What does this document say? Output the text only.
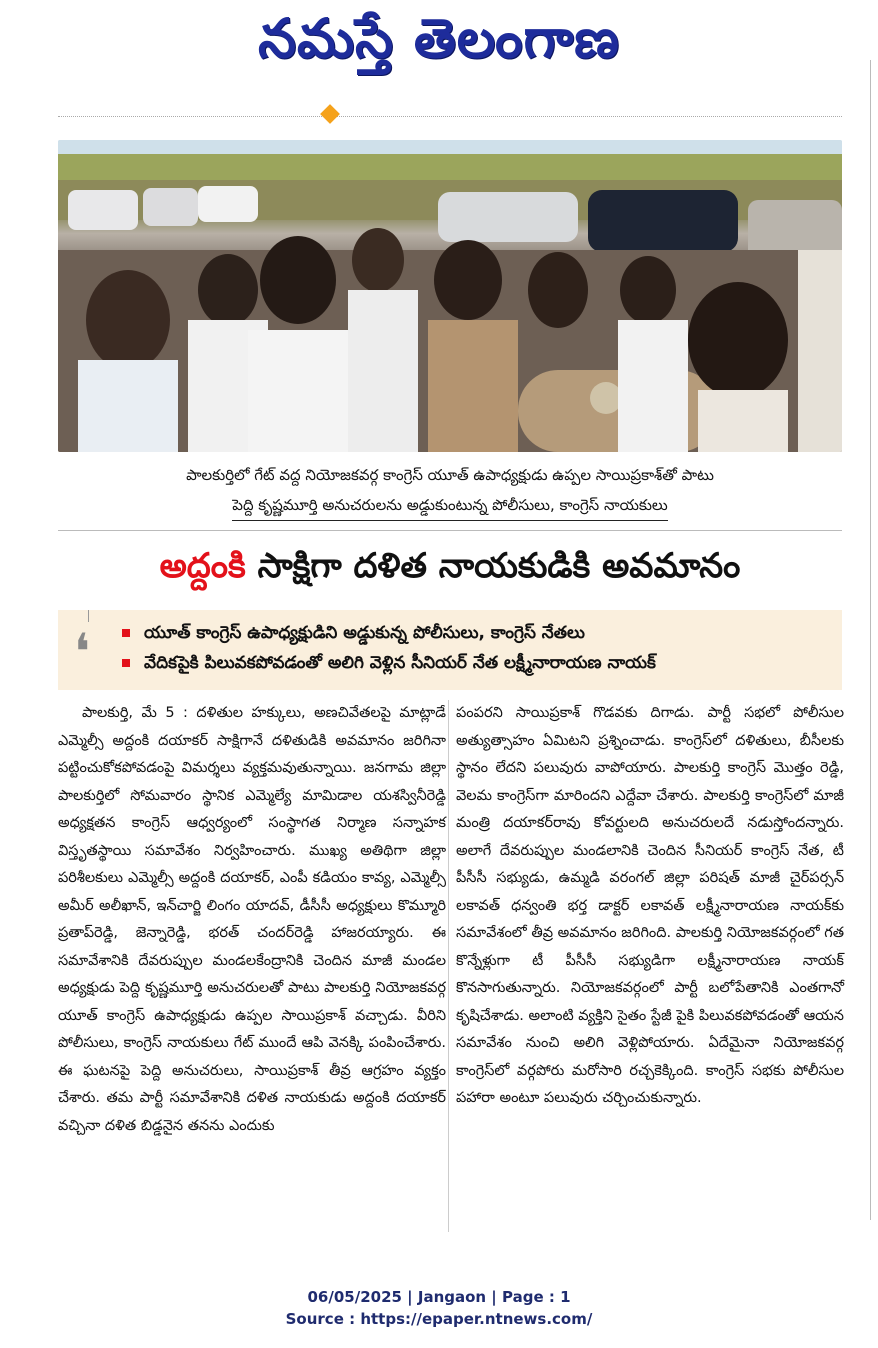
నమస్తే తెలంగాణ
పాలకుర్తిలో గేట్ వద్ద నియోజకవర్గ కాంగ్రెస్ యూత్ ఉపాధ్యక్షుడు ఉప్పల సాయిప్రకాశ్‌తో పాటు
పెద్ది కృష్ణమూర్తి అనుచరులను అడ్డుకుంటున్న పోలీసులు, కాంగ్రెస్ నాయకులు
అద్దంకి సాక్షిగా దళిత నాయకుడికి అవమానం
❛	యూత్ కాంగ్రెస్ ఉపాధ్యక్షుడిని అడ్డుకున్న పోలీసులు, కాంగ్రెస్ నేతలు
వేదికపైకి పిలువకపోవడంతో అలిగి వెళ్లిన సీనియర్ నేత లక్ష్మీనారాయణ నాయక్
పాలకుర్తి, మే 5 : దళితుల హక్కులు, అణచివేతలపై మాట్లాడే ఎమ్మెల్సీ అద్దంకి దయాకర్ సాక్షిగానే దళితుడికి అవమానం జరిగినా పట్టించుకోకపోవడంపై విమర్శలు వ్యక్తమవుతున్నాయి. జనగామ జిల్లా పాలకుర్తిలో సోమవారం స్థానిక ఎమ్మెల్యే మామిడాల యశస్వినీరెడ్డి అధ్యక్షతన కాంగ్రెస్ ఆధ్వర్యంలో సంస్థాగత నిర్మాణ సన్నాహక విస్తృతస్థాయి సమావేశం నిర్వహించారు. ముఖ్య అతిథిగా జిల్లా పరిశీలకులు ఎమ్మెల్సీ అద్దంకి దయాకర్, ఎంపీ కడియం కావ్య, ఎమ్మెల్సీ అమీర్ అలీఖాన్, ఇన్‌చార్జి లింగం యాదవ్, డీసీసీ అధ్యక్షులు కొమ్మూరి ప్రతాప్‌రెడ్డి, జెన్నారెడ్డి, భరత్ చందర్‌రెడ్డి హాజరయ్యారు. ఈ సమావేశానికి దేవరుప్పుల మండలకేంద్రానికి చెందిన మాజీ మండల అధ్యక్షుడు పెద్ది కృష్ణమూర్తి అనుచరులతో పాటు పాలకుర్తి నియోజకవర్గ యూత్ కాంగ్రెస్ ఉపాధ్యక్షుడు ఉప్పల సాయిప్రకాశ్ వచ్చాడు. వీరిని పోలీసులు, కాంగ్రెస్ నాయకులు గేట్ ముందే ఆపి వెనక్కి పంపించేశారు. ఈ ఘటనపై పెద్ది అనుచరులు, సాయిప్రకాశ్ తీవ్ర ఆగ్రహం వ్యక్తం చేశారు. తమ పార్టీ సమావేశానికి దళిత నాయకుడు అద్దంకి దయాకర్ వచ్చినా దళిత బిడ్డనైన తనను ఎందుకు
పంపరని సాయిప్రకాశ్ గొడవకు దిగాడు. పార్టీ సభలో పోలీసుల అత్యుత్సాహం ఏమిటని ప్రశ్నించాడు. కాంగ్రెస్‌లో దళితులు, బీసీలకు స్థానం లేదని పలువురు వాపోయారు. పాలకుర్తి కాంగ్రెస్ మొత్తం రెడ్డి, వెలమ కాంగ్రెస్‌గా మారిందని ఎద్దేవా చేశారు. పాలకుర్తి కాంగ్రెస్‌లో మాజీ మంత్రి దయాకర్‌రావు కోవర్టులది అనుచరులదే నడుస్తోందన్నారు. అలాగే దేవరుప్పుల మండలానికి చెందిన సీనియర్ కాంగ్రెస్ నేత, టీ పీసీసీ సభ్యుడు, ఉమ్మడి వరంగల్ జిల్లా పరిషత్ మాజీ చైర్‌పర్సన్ లకావత్ ధన్వంతి భర్త డాక్టర్ లకావత్ లక్ష్మీనారాయణ నాయక్‌కు సమావేశంలో తీవ్ర అవమానం జరిగింది. పాలకుర్తి నియోజకవర్గంలో గత కొన్నేళ్లుగా టీ పీసీసీ సభ్యుడిగా లక్ష్మీనారాయణ నాయక్ కొనసాగుతున్నారు. నియోజకవర్గంలో పార్టీ బలోపేతానికి ఎంతగానో కృషిచేశాడు. అలాంటి వ్యక్తిని సైతం స్టేజీ పైకి పిలువకపోవడంతో ఆయన సమావేశం నుంచి అలిగి వెళ్లిపోయారు. ఏదేమైనా నియోజకవర్గ కాంగ్రెస్‌లో వర్గపోరు మరోసారి రచ్చకెక్కింది. కాంగ్రెస్ సభకు పోలీసుల పహారా అంటూ పలువురు చర్చించుకున్నారు.
06/05/2025 | Jangaon | Page : 1
Source : https://epaper.ntnews.com/
